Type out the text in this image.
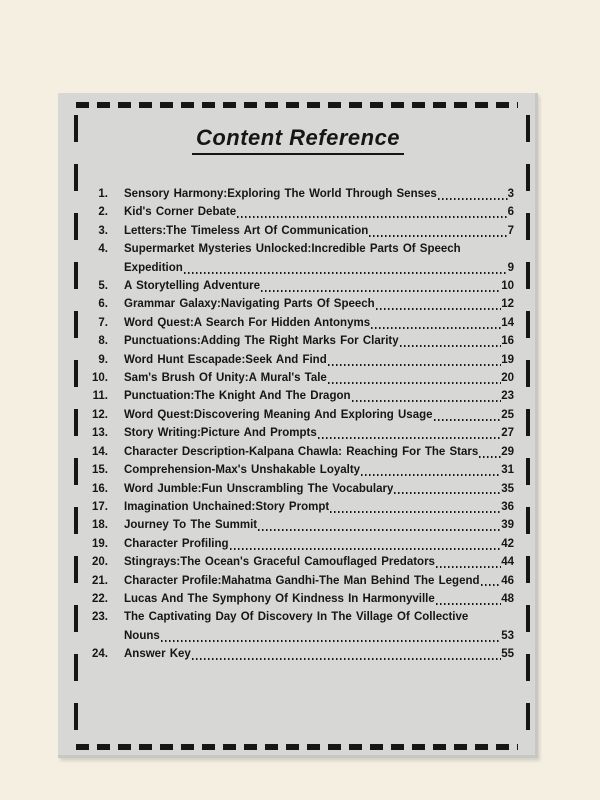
Content Reference
1. Sensory Harmony:Exploring The World Through Senses	3
2. Kid's Corner Debate	6
3. Letters:The Timeless Art Of Communication	7
4. Supermarket Mysteries Unlocked:Incredible Parts Of Speech
Expedition	9
5. A Storytelling Adventure	10
6. Grammar Galaxy:Navigating Parts Of Speech	12
7. Word Quest:A Search For Hidden Antonyms	14
8. Punctuations:Adding The Right Marks For Clarity	16
9. Word Hunt Escapade:Seek And Find	19
10. Sam's Brush Of Unity:A Mural's Tale	20
11. Punctuation:The Knight And The Dragon	23
12. Word Quest:Discovering Meaning And Exploring Usage	25
13. Story Writing:Picture And Prompts	27
14. Character Description-Kalpana Chawla: Reaching For The Stars 29
15. Comprehension-Max's Unshakable Loyalty	31
16. Word Jumble:Fun Unscrambling The Vocabulary	35
17. Imagination Unchained:Story Prompt	36
18. Journey To The Summit	39
19. Character Profiling	42
20. Stingrays:The Ocean's Graceful Camouflaged Predators	44
21. Character Profile:Mahatma Gandhi-The Man Behind The Legend 46
22. Lucas And The Symphony Of Kindness In Harmonyville	48
23. The Captivating Day Of Discovery In The Village Of Collective
Nouns	53
24. Answer Key	55
